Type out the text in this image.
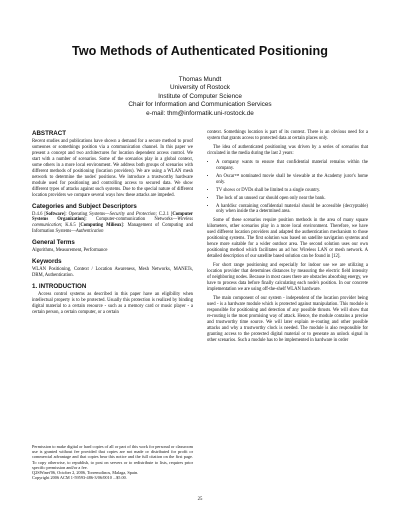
Two Methods of Authenticated Positioning
Thomas Mundt
University of Rostock
Institute of Computer Science
Chair for Information and Communication Services
e-mail: thm@informatik.uni-rostock.de
ABSTRACT

Recent studies and publications have shown a demand for a secure method to proof someones or somethings position via a communication channel. In this paper we present a concept and two architectures for location dependent access control. We start with a number of scenarios. Some of the scenarios play in a global context, some others in a more local environment. We address both groups of scenarios with different methods of positioning (location providers). We are using a WLAN mesh network to determine the nodes' positions. We introduce a trustworthy hardware module used for positioning and controlling access to secured data. We show different types of attacks against such systems. Due to the special nature of different location providers we compare several ways how these attacks are impeded.

Categories and Subject Descriptors

D.4.6 [Software]: Operating Systems—Security and Protection; C.2.1 [Computer Systems Organization]: Computer-communication Networks—Wireless communication; K.6.5 [Computing Milieux]: Management of Computing and Information Systems—Authentication

General Terms

Algorithms, Measurement, Performance

Keywords

WLAN Positioning, Context / Location Awareness, Mesh Networks, MANETs, DRM, Authentication.

1. INTRODUCTION

Access control systems as described in this paper have an eligibility when intellectual property is to be protected. Usually this protection is realized by binding digital material to a certain resource - such as a memory card or music player - a certain person, a certain computer, or a certain

Permission to make digital or hard copies of all or part of this work for personal or classroom use is granted without fee provided that copies are not made or distributed for profit or commercial advantage and that copies bear this notice and the full citation on the first page. To copy otherwise, to republish, to post on servers or to redistribute to lists, requires prior specific permission and/or a fee.
Q2SWinet'06, October 2, 2006, Torremolinos, Malaga, Spain.
Copyright 2006 ACM 1-59593-486-3/06/0010 ...$5.00.

context. Somethings location is part of its context. There is an obvious need for a system that grants access to protected data at certain places only.

The idea of authenticated positioning was driven by a series of scenarios that circulated in the media during the last 2 years:

• A company wants to ensure that confidential material remains within the company.
• An Oscar™ nominated movie shall be viewable at the Academy juror's home only.
• TV shows or DVDs shall be limited to a single country.
• The lock of an unused car should open only near the bank.
• A harddisc containing confidential material should be accessible (decryptable) only when inside the a determined area.

Some of these scenarios require position methods in the area of many square kilometers, other scenarios play in a more local environment. Therefore, we have used different location providers and adapted the authentication mechanism to those positioning systems. The first solution was based on satellite navigation systems and hence more suitable for a wider outdoor area. The second solution uses our own positioning method which facilitates an ad hoc Wireless LAN or mesh network. A detailed description of our satellite based solution can be found in [12].

For short range positioning and especially for indoor use we are utilizing a location provider that determines distances by measuring the electric field intensity of neighboring nodes. Because in most cases there are obstacles absorbing energy, we have to process data before finally calculating each node's position. In our concrete implementation we are using off-the-shelf WLAN hardware.

The main component of our system - independent of the location provider being used - is a hardware module which is protected against manipulation. This module is responsible for positioning and detection of any possible thrusts. We will show that re-routing is the most promising way of attack. Hence, the module contains a precise and trustworthy time source. We will later explain re-routing and other possible attacks and why a trustworthy clock is needed. The module is also responsible for granting access to the protected digital material or to generate an unlock signal in other scenarios. Such a module has to be implemented in hardware in order

25
